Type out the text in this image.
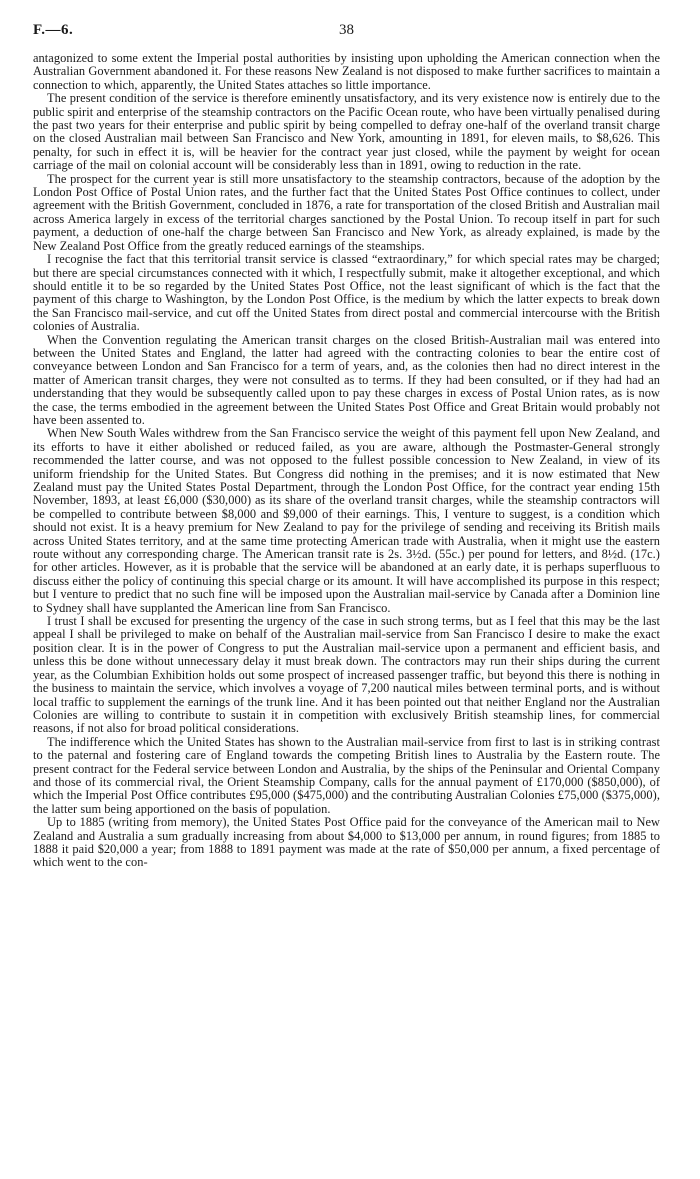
F.—6.	38

antagonized to some extent the Imperial postal authorities by insisting upon upholding the American connection when the Australian Government abandoned it. For these reasons New Zealand is not disposed to make further sacrifices to maintain a connection to which, apparently, the United States attaches so little importance.

The present condition of the service is therefore eminently unsatisfactory, and its very existence now is entirely due to the public spirit and enterprise of the steamship contractors on the Pacific Ocean route, who have been virtually penalised during the past two years for their enterprise and public spirit by being compelled to defray one-half of the overland transit charge on the closed Australian mail between San Francisco and New York, amounting in 1891, for eleven mails, to $8,626. This penalty, for such in effect it is, will be heavier for the contract year just closed, while the payment by weight for ocean carriage of the mail on colonial account will be considerably less than in 1891, owing to reduction in the rate.

The prospect for the current year is still more unsatisfactory to the steamship contractors, because of the adoption by the London Post Office of Postal Union rates, and the further fact that the United States Post Office continues to collect, under agreement with the British Government, concluded in 1876, a rate for transportation of the closed British and Australian mail across America largely in excess of the territorial charges sanctioned by the Postal Union. To recoup itself in part for such payment, a deduction of one-half the charge between San Francisco and New York, as already explained, is made by the New Zealand Post Office from the greatly reduced earnings of the steamships.

I recognise the fact that this territorial transit service is classed “extraordinary,” for which special rates may be charged; but there are special circumstances connected with it which, I respectfully submit, make it altogether exceptional, and which should entitle it to be so regarded by the United States Post Office, not the least significant of which is the fact that the payment of this charge to Washington, by the London Post Office, is the medium by which the latter expects to break down the San Francisco mail-service, and cut off the United States from direct postal and commercial intercourse with the British colonies of Australia.

When the Convention regulating the American transit charges on the closed British-Australian mail was entered into between the United States and England, the latter had agreed with the contracting colonies to bear the entire cost of conveyance between London and San Francisco for a term of years, and, as the colonies then had no direct interest in the matter of American transit charges, they were not consulted as to terms. If they had been consulted, or if they had had an understanding that they would be subsequently called upon to pay these charges in excess of Postal Union rates, as is now the case, the terms embodied in the agreement between the United States Post Office and Great Britain would probably not have been assented to.

When New South Wales withdrew from the San Francisco service the weight of this payment fell upon New Zealand, and its efforts to have it either abolished or reduced failed, as you are aware, although the Postmaster-General strongly recommended the latter course, and was not opposed to the fullest possible concession to New Zealand, in view of its uniform friendship for the United States. But Congress did nothing in the premises; and it is now estimated that New Zealand must pay the United States Postal Department, through the London Post Office, for the contract year ending 15th November, 1893, at least £6,000 ($30,000) as its share of the overland transit charges, while the steamship contractors will be compelled to contribute between $8,000 and $9,000 of their earnings. This, I venture to suggest, is a condition which should not exist. It is a heavy premium for New Zealand to pay for the privilege of sending and receiving its British mails across United States territory, and at the same time protecting American trade with Australia, when it might use the eastern route without any corresponding charge. The American transit rate is 2s. 3½d. (55c.) per pound for letters, and 8½d. (17c.) for other articles. However, as it is probable that the service will be abandoned at an early date, it is perhaps superfluous to discuss either the policy of continuing this special charge or its amount. It will have accomplished its purpose in this respect; but I venture to predict that no such fine will be imposed upon the Australian mail-service by Canada after a Dominion line to Sydney shall have supplanted the American line from San Francisco.

I trust I shall be excused for presenting the urgency of the case in such strong terms, but as I feel that this may be the last appeal I shall be privileged to make on behalf of the Australian mail-service from San Francisco I desire to make the exact position clear. It is in the power of Congress to put the Australian mail-service upon a permanent and efficient basis, and unless this be done without unnecessary delay it must break down. The contractors may run their ships during the current year, as the Columbian Exhibition holds out some prospect of increased passenger traffic, but beyond this there is nothing in the business to maintain the service, which involves a voyage of 7,200 nautical miles between terminal ports, and is without local traffic to supplement the earnings of the trunk line. And it has been pointed out that neither England nor the Australian Colonies are willing to contribute to sustain it in competition with exclusively British steamship lines, for commercial reasons, if not also for broad political considerations.

The indifference which the United States has shown to the Australian mail-service from first to last is in striking contrast to the paternal and fostering care of England towards the competing British lines to Australia by the Eastern route. The present contract for the Federal service between London and Australia, by the ships of the Peninsular and Oriental Company and those of its commercial rival, the Orient Steamship Company, calls for the annual payment of £170,000 ($850,000), of which the Imperial Post Office contributes £95,000 ($475,000) and the contributing Australian Colonies £75,000 ($375,000), the latter sum being apportioned on the basis of population.

Up to 1885 (writing from memory), the United States Post Office paid for the conveyance of the American mail to New Zealand and Australia a sum gradually increasing from about $4,000 to $13,000 per annum, in round figures; from 1885 to 1888 it paid $20,000 a year; from 1888 to 1891 payment was made at the rate of $50,000 per annum, a fixed percentage of which went to the con-
